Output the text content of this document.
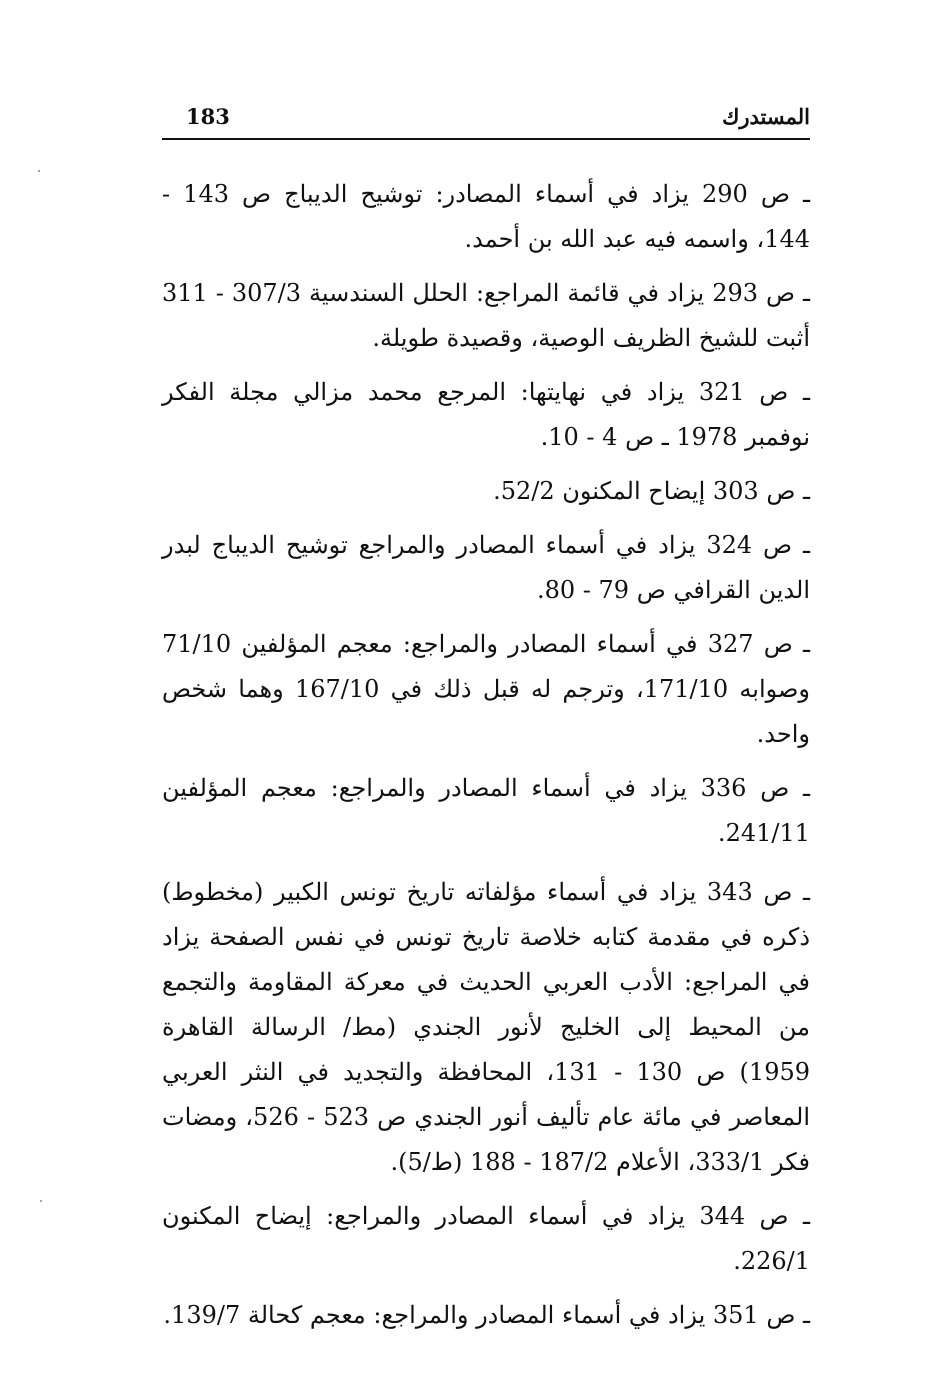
المستدرك
183

ـ ص 290 يزاد في أسماء المصادر: توشيح الديباج ص 143 - 144، واسمه فيه عبد الله بن أحمد.

ـ ص 293 يزاد في قائمة المراجع: الحلل السندسية 307/3 - 311 أثبت للشيخ الظريف الوصية، وقصيدة طويلة.

ـ ص 321 يزاد في نهايتها: المرجع محمد مزالي مجلة الفكر نوفمبر 1978 ـ ص 4 - 10.

ـ ص 303 إيضاح المكنون 52/2.

ـ ص 324 يزاد في أسماء المصادر والمراجع توشيح الديباج لبدر الدين القرافي ص 79 - 80.

ـ ص 327 في أسماء المصادر والمراجع: معجم المؤلفين 71/10 وصوابه 171/10، وترجم له قبل ذلك في 167/10 وهما شخص واحد.

ـ ص 336 يزاد في أسماء المصادر والمراجع: معجم المؤلفين 241/11.

ـ ص 343 يزاد في أسماء مؤلفاته تاريخ تونس الكبير (مخطوط) ذكره في مقدمة كتابه خلاصة تاريخ تونس في نفس الصفحة يزاد في المراجع: الأدب العربي الحديث في معركة المقاومة والتجمع من المحيط إلى الخليج لأنور الجندي (مط/ الرسالة القاهرة 1959) ص 130 - 131، المحافظة والتجديد في النثر العربي المعاصر في مائة عام تأليف أنور الجندي ص 523 - 526، ومضات فكر 333/1، الأعلام 187/2 - 188 (ط/5).

ـ ص 344 يزاد في أسماء المصادر والمراجع: إيضاح المكنون 226/1.

ـ ص 351 يزاد في أسماء المصادر والمراجع: معجم كحالة 139/7.
